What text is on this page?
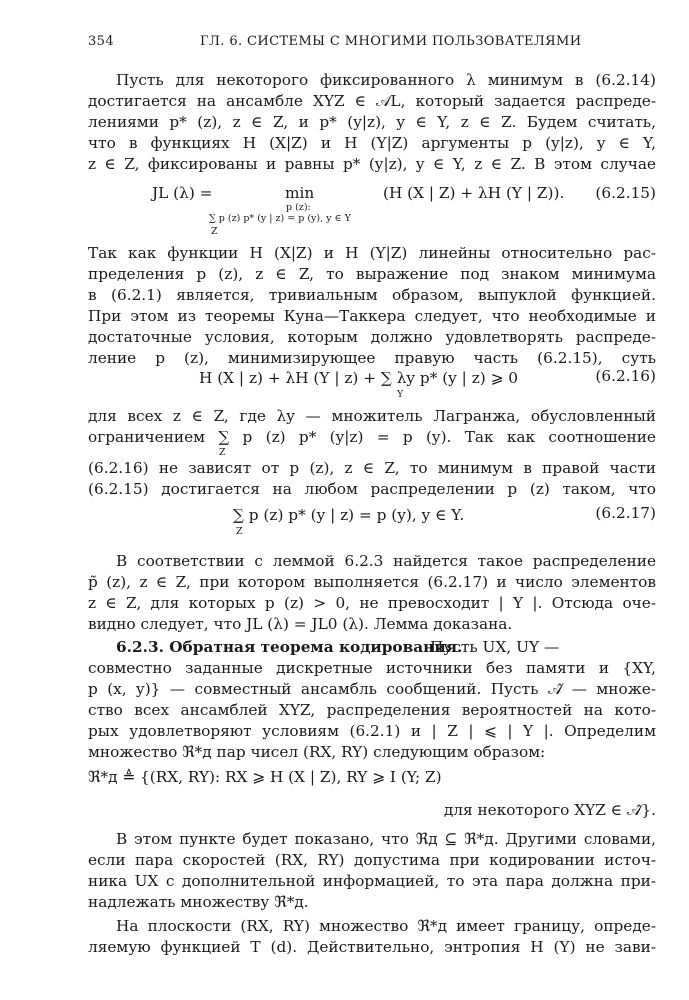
354	ГЛ. 6. СИСТЕМЫ С МНОГИМИ ПОЛЬЗОВАТЕЛЯМИ
Пусть для некоторого фиксированного λ минимум в (6.2.14)
достигается на ансамбле XYZ ∈ 𝒜L, который задается распреде-
лениями p* (z), z ∈ Z, и p* (y|z), y ∈ Y, z ∈ Z. Будем считать,
что в функциях H (X|Z) и H (Y|Z) аргументы p (y|z), y ∈ Y,
z ∈ Z, фиксированы и равны p* (y|z), y ∈ Y, z ∈ Z. В этом случае
JL (λ) =	min
p (z):
∑ p (z) p* (y | z) = p (y), y ∈ Y
Z
(H (X | Z) + λH (Y | Z)). (6.2.15)
Так как функции H (X|Z) и H (Y|Z) линейны относительно рас-
пределения p (z), z ∈ Z, то выражение под знаком минимума
в (6.2.1) является, тривиальным образом, выпуклой функцией.
При этом из теоремы Куна—Таккера следует, что необходимые и
достаточные условия, которым должно удовлетворять распреде-
ление p (z), минимизирующее правую часть (6.2.15), суть
H (X | z) + λH (Y | z) + ∑ λy p* (y | z) ⩾ 0
Y
(6.2.16)
для всех z ∈ Z, где λy — множитель Лагранжа, обусловленный
ограничением ∑ p (z) p* (y|z) = p (y). Так как соотношение
Z
(6.2.16) не зависят от p (z), z ∈ Z, то минимум в правой части
(6.2.15) достигается на любом распределении p (z) таком, что
∑ p (z) p* (y | z) = p (y), y ∈ Y.
Z
(6.2.17)
В соответствии с леммой 6.2.3 найдется такое распределение
p̃ (z), z ∈ Z, при котором выполняется (6.2.17) и число элементов
z ∈ Z, для которых p (z) > 0, не превосходит | Y |. Отсюда оче-
видно следует, что JL (λ) = JL0 (λ). Лемма доказана.
6.2.3. Обратная теорема кодирования.
Пусть UX, UY —
совместно заданные дискретные источники без памяти и {XY,
p (x, y)} — совместный ансамбль сообщений. Пусть 𝒜̂ — множе-
ство всех ансамблей XYZ, распределения вероятностей на кото-
рых удовлетворяют условиям (6.2.1) и | Z | ⩽ | Y |. Определим
множество ℜ*д пар чисел (RX, RY) следующим образом:
ℜ*д ≜ {(RX, RY): RX ⩾ H (X | Z), RY ⩾ I (Y; Z)
для некоторого XYZ ∈ 𝒜̂}.
В этом пункте будет показано, что ℜд ⊆ ℜ*д. Другими словами,
если пара скоростей (RX, RY) допустима при кодировании источ-
ника UX с дополнительной информацией, то эта пара должна при-
надлежать множеству ℜ*д.
На плоскости (RX, RY) множество ℜ*д имеет границу, опреде-
ляемую функцией T (d). Действительно, энтропия H (Y) не зави-
